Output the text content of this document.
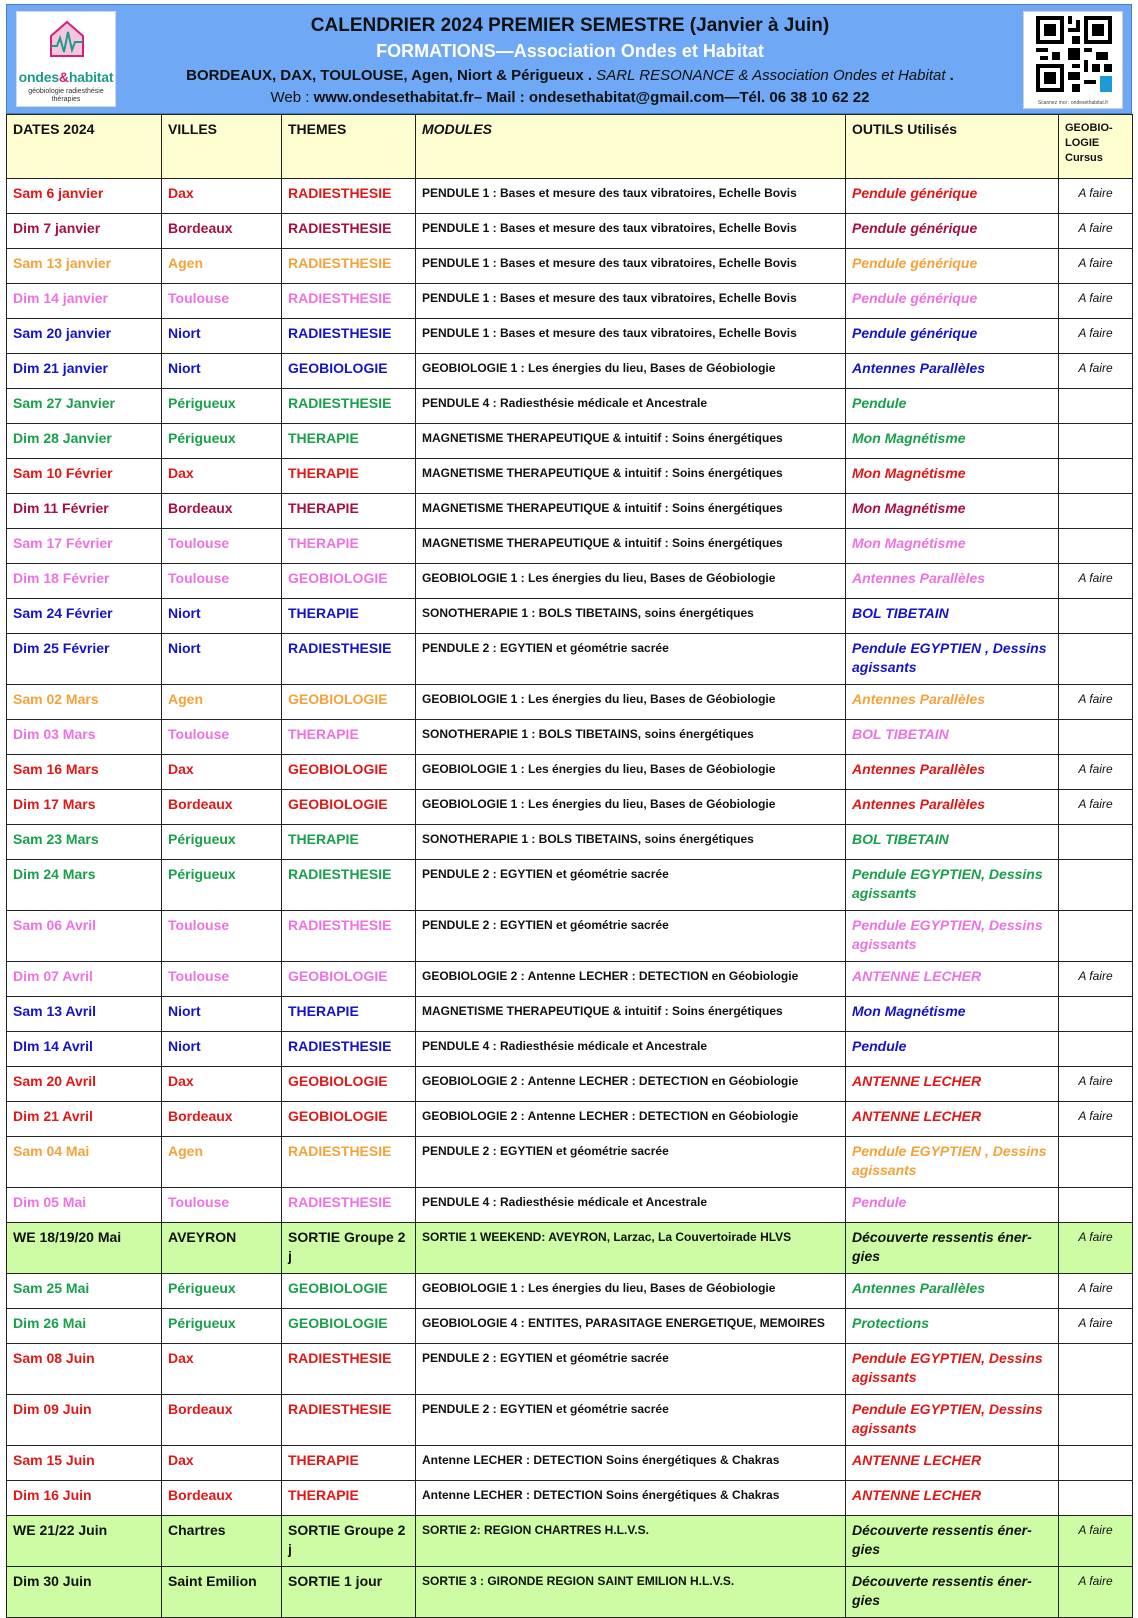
ondes&habitat
géobiologie radiesthésie thérapies
CALENDRIER 2024 PREMIER SEMESTRE (Janvier à Juin)
FORMATIONS—Association Ondes et Habitat
BORDEAUX, DAX, TOULOUSE, Agen, Niort & Périgueux . SARL RESONANCE & Association Ondes et Habitat .
Web : www.ondesethabitat.fr– Mail : ondesethabitat@gmail.com—Tél. 06 38 10 62 22	Scannez moi : ondesethabitat.fr
DATES 2024	VILLES	THEMES	MODULES	OUTILS Utilisés	GEOBIO-LOGIE Cursus
Sam 6 janvier	Dax	RADIESTHESIE	PENDULE 1 : Bases et mesure des taux vibratoires, Echelle Bovis	Pendule générique	A faire
Dim 7 janvier	Bordeaux	RADIESTHESIE	PENDULE 1 : Bases et mesure des taux vibratoires, Echelle Bovis	Pendule générique	A faire
Sam 13 janvier	Agen	RADIESTHESIE	PENDULE 1 : Bases et mesure des taux vibratoires, Echelle Bovis	Pendule générique	A faire
Dim 14 janvier	Toulouse	RADIESTHESIE	PENDULE 1 : Bases et mesure des taux vibratoires, Echelle Bovis	Pendule générique	A faire
Sam 20 janvier	Niort	RADIESTHESIE	PENDULE 1 : Bases et mesure des taux vibratoires, Echelle Bovis	Pendule générique	A faire
Dim 21 janvier	Niort	GEOBIOLOGIE	GEOBIOLOGIE 1 : Les énergies du lieu, Bases de Géobiologie	Antennes Parallèles	A faire
Sam 27 Janvier	Périgueux	RADIESTHESIE	PENDULE 4 : Radiesthésie médicale et Ancestrale	Pendule	
Dim 28 Janvier	Périgueux	THERAPIE	MAGNETISME THERAPEUTIQUE & intuitif : Soins énergétiques	Mon Magnétisme	
Sam 10 Février	Dax	THERAPIE	MAGNETISME THERAPEUTIQUE & intuitif : Soins énergétiques	Mon Magnétisme	
Dim 11 Février	Bordeaux	THERAPIE	MAGNETISME THERAPEUTIQUE & intuitif : Soins énergétiques	Mon Magnétisme	
Sam 17 Février	Toulouse	THERAPIE	MAGNETISME THERAPEUTIQUE & intuitif : Soins énergétiques	Mon Magnétisme	
Dim 18 Février	Toulouse	GEOBIOLOGIE	GEOBIOLOGIE 1 : Les énergies du lieu, Bases de Géobiologie	Antennes Parallèles	A faire
Sam 24 Février	Niort	THERAPIE	SONOTHERAPIE 1 : BOLS TIBETAINS, soins énergétiques	BOL TIBETAIN	
Dim 25 Février	Niort	RADIESTHESIE	PENDULE 2 : EGYTIEN et géométrie sacrée	Pendule EGYPTIEN , Dessins agissants	
Sam 02 Mars	Agen	GEOBIOLOGIE	GEOBIOLOGIE 1 : Les énergies du lieu, Bases de Géobiologie	Antennes Parallèles	A faire
Dim 03 Mars	Toulouse	THERAPIE	SONOTHERAPIE 1 : BOLS TIBETAINS, soins énergétiques	BOL TIBETAIN	
Sam 16 Mars	Dax	GEOBIOLOGIE	GEOBIOLOGIE 1 : Les énergies du lieu, Bases de Géobiologie	Antennes Parallèles	A faire
Dim 17 Mars	Bordeaux	GEOBIOLOGIE	GEOBIOLOGIE 1 : Les énergies du lieu, Bases de Géobiologie	Antennes Parallèles	A faire
Sam 23 Mars	Périgueux	THERAPIE	SONOTHERAPIE 1 : BOLS TIBETAINS, soins énergétiques	BOL TIBETAIN	
Dim 24 Mars	Périgueux	RADIESTHESIE	PENDULE 2 : EGYTIEN et géométrie sacrée	Pendule EGYPTIEN, Dessins agissants	
Sam 06 Avril	Toulouse	RADIESTHESIE	PENDULE 2 : EGYTIEN et géométrie sacrée	Pendule EGYPTIEN, Dessins agissants	
Dim 07 Avril	Toulouse	GEOBIOLOGIE	GEOBIOLOGIE 2 : Antenne LECHER : DETECTION en Géobiologie	ANTENNE LECHER	A faire
Sam 13 Avril	Niort	THERAPIE	MAGNETISME THERAPEUTIQUE & intuitif : Soins énergétiques	Mon Magnétisme	
DIm 14 Avril	Niort	RADIESTHESIE	PENDULE 4 : Radiesthésie médicale et Ancestrale	Pendule	
Sam 20 Avril	Dax	GEOBIOLOGIE	GEOBIOLOGIE 2 : Antenne LECHER : DETECTION en Géobiologie	ANTENNE LECHER	A faire
Dim 21 Avril	Bordeaux	GEOBIOLOGIE	GEOBIOLOGIE 2 : Antenne LECHER : DETECTION en Géobiologie	ANTENNE LECHER	A faire
Sam 04 Mai	Agen	RADIESTHESIE	PENDULE 2 : EGYTIEN et géométrie sacrée	Pendule EGYPTIEN , Dessins agissants	
Dim 05 Mai	Toulouse	RADIESTHESIE	PENDULE 4 : Radiesthésie médicale et Ancestrale	Pendule	
WE 18/19/20 Mai	AVEYRON	SORTIE Groupe 2 j	SORTIE 1 WEEKEND: AVEYRON, Larzac, La Couvertoirade HLVS	Découverte ressentis éner-gies	A faire
Sam 25 Mai	Périgueux	GEOBIOLOGIE	GEOBIOLOGIE 1 : Les énergies du lieu, Bases de Géobiologie	Antennes Parallèles	A faire
Dim 26 Mai	Périgueux	GEOBIOLOGIE	GEOBIOLOGIE 4 : ENTITES, PARASITAGE ENERGETIQUE, MEMOIRES	Protections	A faire
Sam 08 Juin	Dax	RADIESTHESIE	PENDULE 2 : EGYTIEN et géométrie sacrée	Pendule EGYPTIEN, Dessins agissants	
Dim 09 Juin	Bordeaux	RADIESTHESIE	PENDULE 2 : EGYTIEN et géométrie sacrée	Pendule EGYPTIEN, Dessins agissants	
Sam 15 Juin	Dax	THERAPIE	Antenne LECHER : DETECTION Soins énergétiques & Chakras	ANTENNE LECHER	
Dim 16 Juin	Bordeaux	THERAPIE	Antenne LECHER : DETECTION Soins énergétiques & Chakras	ANTENNE LECHER	
WE 21/22 Juin	Chartres	SORTIE Groupe 2 j	SORTIE 2: REGION CHARTRES H.L.V.S.	Découverte ressentis éner-gies	A faire
Dim 30 Juin	Saint Emilion	SORTIE 1 jour	SORTIE 3 : GIRONDE REGION SAINT EMILION H.L.V.S.	Découverte ressentis éner-gies	A faire
